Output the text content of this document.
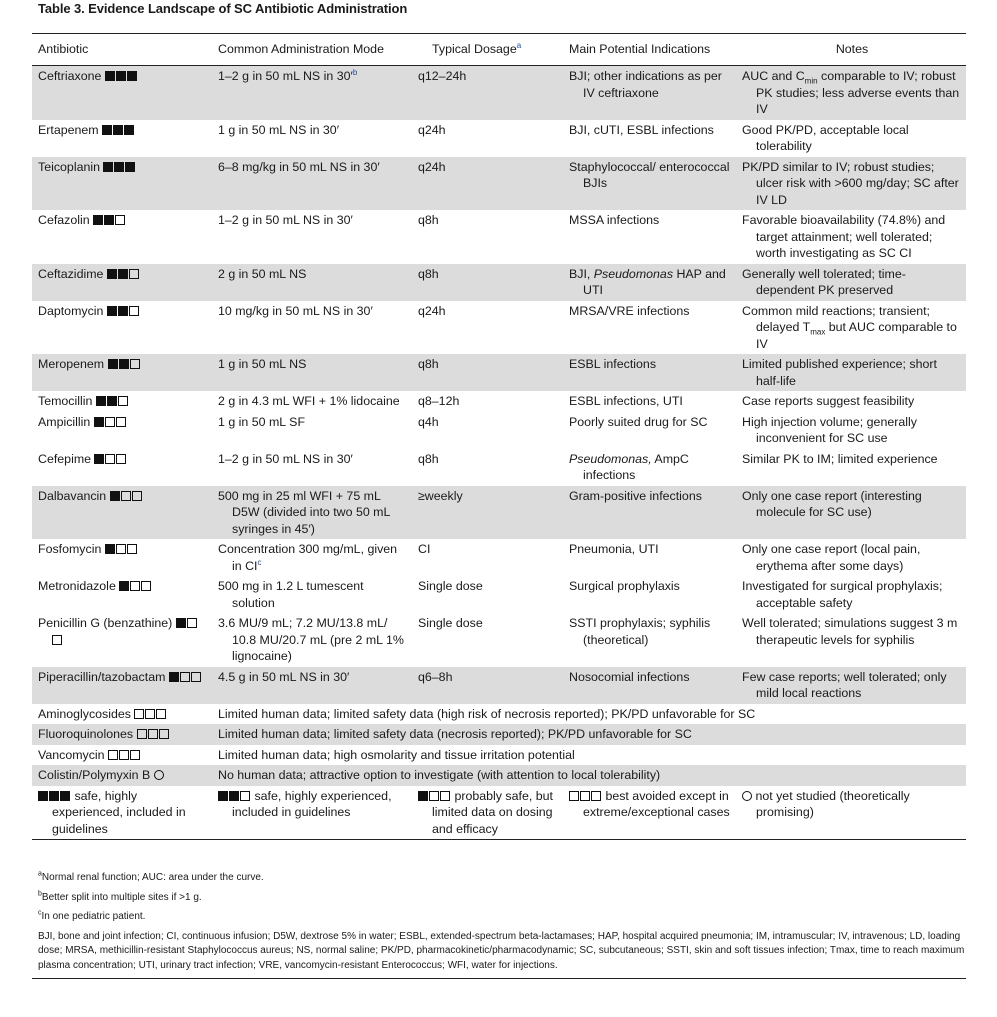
Table 3. Evidence Landscape of SC Antibiotic Administration
Antibiotic	Common Administration Mode	Typical Dosage$^a$	Main Potential Indications	Notes

Ceftriaxone	1–2 g in 50 mL NS in $30'^b$	q12–24h	BJI; other indications as per IV ceftriaxone	AUC and $C_{min}$ comparable to IV; robust PK studies; less adverse events than IV

Ertapenem	1 g in 50 mL NS in 30′	q24h	BJI, cUTI, ESBL infections	Good PK/PD, acceptable local tolerability

Teicoplanin	6–8 mg/kg in 50 mL NS in 30′	q24h	Staphylococcal/ enterococcal BJIs	PK/PD similar to IV; robust studies; ulcer risk with >600 mg/day; SC after IV LD

Cefazolin	1–2 g in 50 mL NS in 30′	q8h	MSSA infections	Favorable bioavailability (74.8%) and target attainment; well tolerated; worth investigating as SC CI

Ceftazidime	2 g in 50 mL NS	q8h	BJI, Pseudomonas HAP and UTI	Generally well tolerated; time-dependent PK preserved

Daptomycin	10 mg/kg in 50 mL NS in 30′	q24h	MRSA/VRE infections	Common mild reactions; transient; delayed $T_{max}$ but AUC comparable to IV

Meropenem	1 g in 50 mL NS	q8h	ESBL infections	Limited published experience; short half-life

Temocillin	2 g in 4.3 mL WFI + 1% lidocaine	q8–12h	ESBL infections, UTI	Case reports suggest feasibility

Ampicillin	1 g in 50 mL SF	q4h	Poorly suited drug for SC	High injection volume; generally inconvenient for SC use

Cefepime	1–2 g in 50 mL NS in 30′	q8h	Pseudomonas, AmpC infections	Similar PK to IM; limited experience

Dalbavancin	500 mg in 25 ml WFI + 75 mL D5W (divided into two 50 mL syringes in 45′)	≥weekly	Gram-positive infections	Only one case report (interesting molecule for SC use)

Fosfomycin	Concentration 300 mg/mL, given in $CI^c$	CI	Pneumonia, UTI	Only one case report (local pain, erythema after some days)

Metronidazole	500 mg in 1.2 L tumescent solution	Single dose	Surgical prophylaxis	Investigated for surgical prophylaxis; acceptable safety

Penicillin G (benzathine)	3.6 MU/9 mL; 7.2 MU/13.8 mL/ 10.8 MU/20.7 mL (pre 2 mL 1% lignocaine)	Single dose	SSTI prophylaxis; syphilis (theoretical)	Well tolerated; simulations suggest 3 m therapeutic levels for syphilis

Piperacillin/tazobactam	4.5 g in 50 mL NS in 30′	q6–8h	Nosocomial infections	Few case reports; well tolerated; only mild local reactions

Aminoglycosides	Limited human data; limited safety data (high risk of necrosis reported); PK/PD unfavorable for SC			
Fluoroquinolones	Limited human data; limited safety data (necrosis reported); PK/PD unfavorable for SC			
Vancomycin	Limited human data; high osmolarity and tissue irritation potential			
Colistin/Polymyxin B	No human data; attractive option to investigate (with attention to local tolerability)			

safe, highly experienced, included in guidelines	safe, highly experienced, included in guidelines	probably safe, but limited data on dosing and efficacy	best avoided except in extreme/exceptional cases	not yet studied (theoretically promising)

$^a$Normal renal function; AUC: area under the curve.

$^b$Better split into multiple sites if >1 g.

$^c$In one pediatric patient.

BJI, bone and joint infection; CI, continuous infusion; D5W, dextrose 5% in water; ESBL, extended-spectrum beta-lactamases; HAP, hospital acquired pneumonia; IM, intramuscular; IV, intravenous; LD, loading dose; MRSA, methicillin-resistant Staphylococcus aureus; NS, normal saline; PK/PD, pharmacokinetic/pharmacodynamic; SC, subcutaneous; SSTI, skin and soft tissues infection; Tmax, time to reach maximum plasma concentration; UTI, urinary tract infection; VRE, vancomycin-resistant Enterococcus; WFI, water for injections.
